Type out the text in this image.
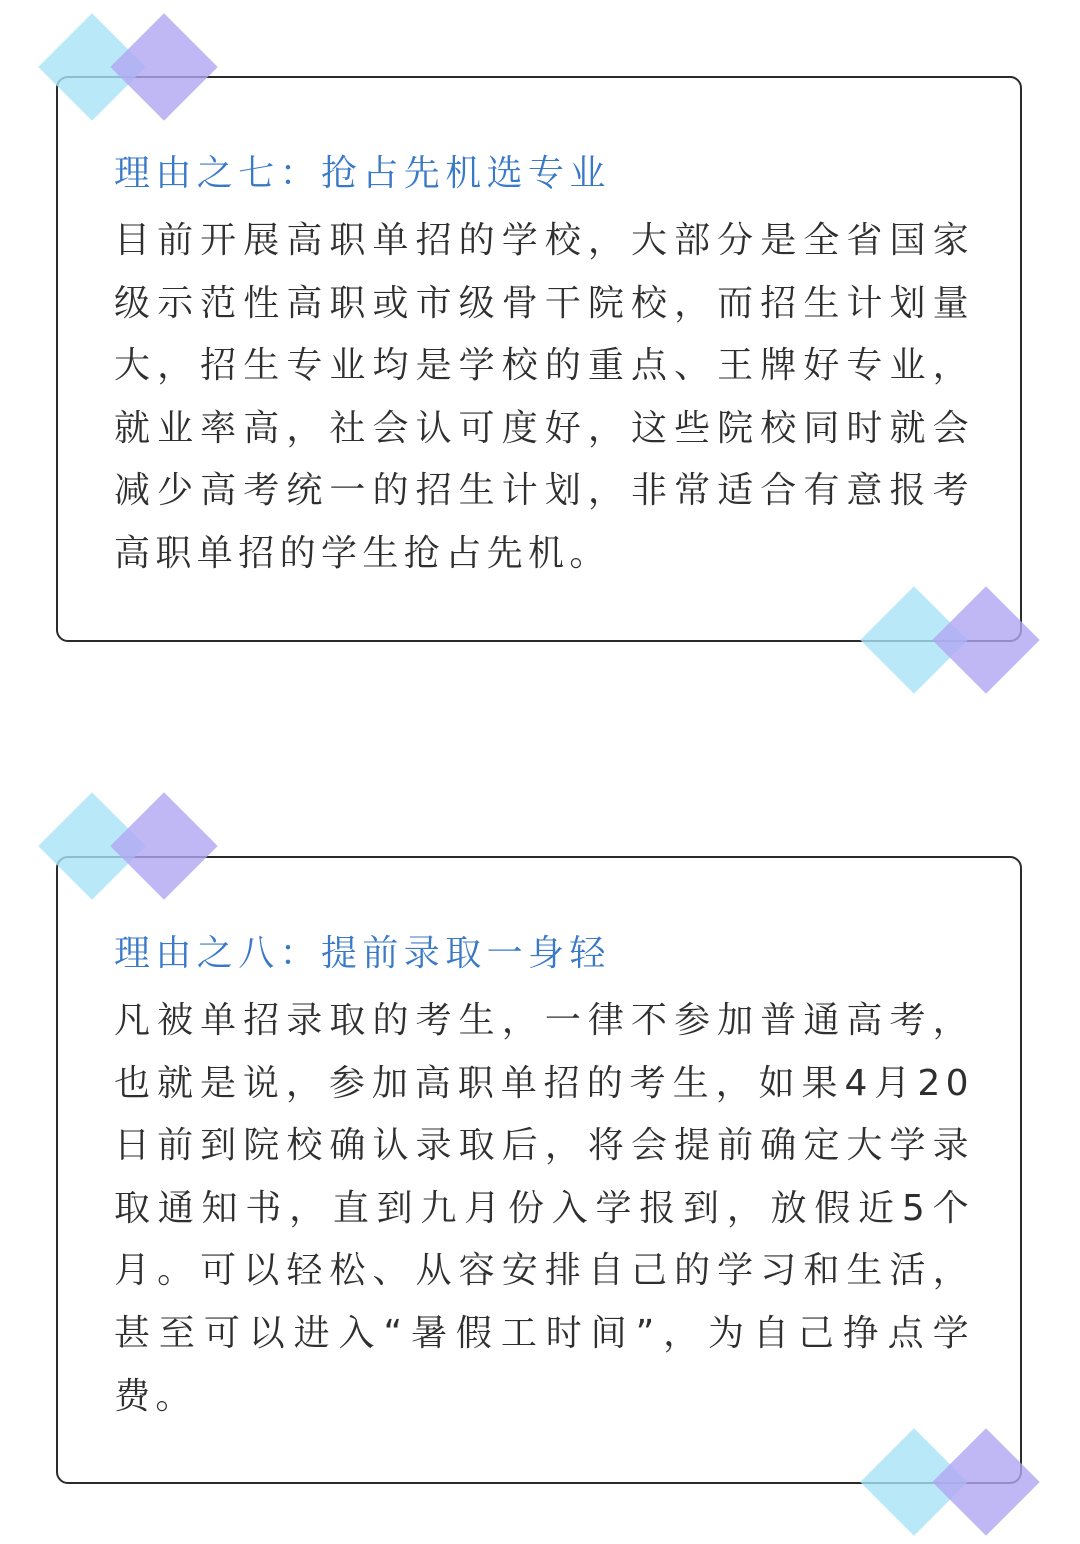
理由之七：抢占先机选专业

目前开展高职单招的学校，大部分是全省国家级示范性高职或市级骨干院校，而招生计划量大，招生专业均是学校的重点、王牌好专业，就业率高，社会认可度好，这些院校同时就会减少高考统一的招生计划，非常适合有意报考高职单招的学生抢占先机。

理由之八：提前录取一身轻

凡被单招录取的考生，一律不参加普通高考，也就是说，参加高职单招的考生，如果4月20日前到院校确认录取后，将会提前确定大学录取通知书，直到九月份入学报到，放假近5个月。可以轻松、从容安排自己的学习和生活，甚至可以进入“暑假工时间”，为自己挣点学费。
